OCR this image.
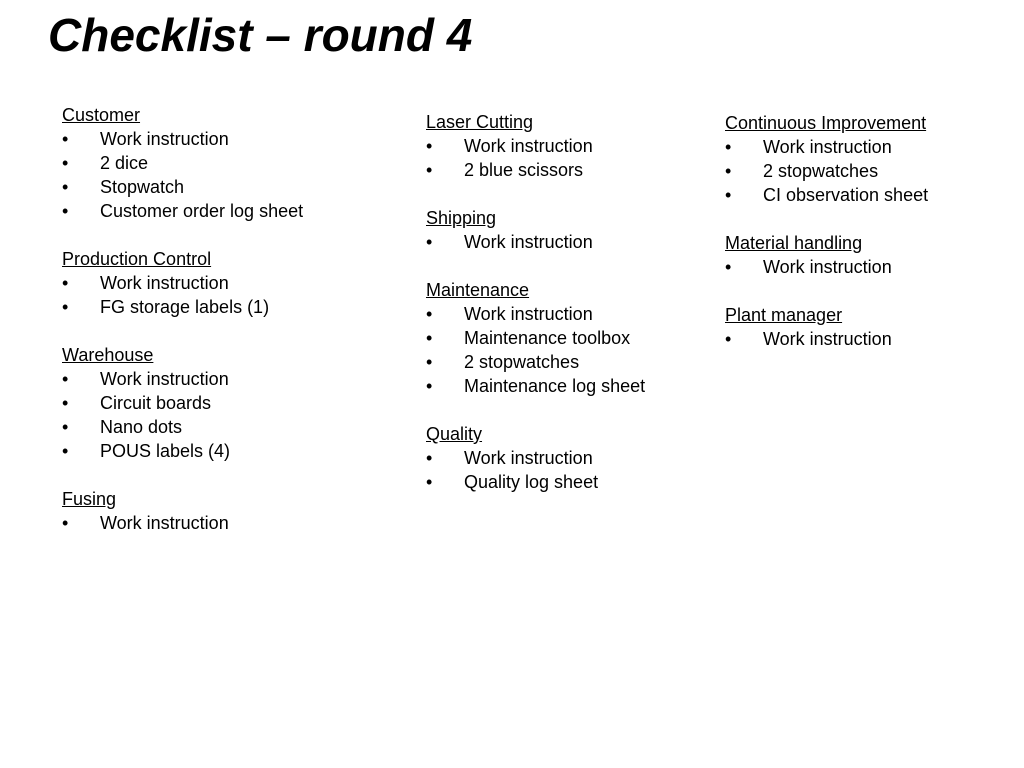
Checklist – round 4
Customer
•	Work instruction
•	2 dice
•	Stopwatch
•	Customer order log sheet
Production Control
•	Work instruction
•	FG storage labels (1)
Warehouse
•	Work instruction
•	Circuit boards
•	Nano dots
•	POUS labels (4)
Fusing
•	Work instruction
Laser Cutting
•	Work instruction
•	2 blue scissors
Shipping
•	Work instruction
Maintenance
•	Work instruction
•	Maintenance toolbox
•	2 stopwatches
•	Maintenance log sheet
Quality
•	Work instruction
•	Quality log sheet
Continuous Improvement
•	Work instruction
•	2 stopwatches
•	CI observation sheet
Material handling
•	Work instruction
Plant manager
•	Work instruction
